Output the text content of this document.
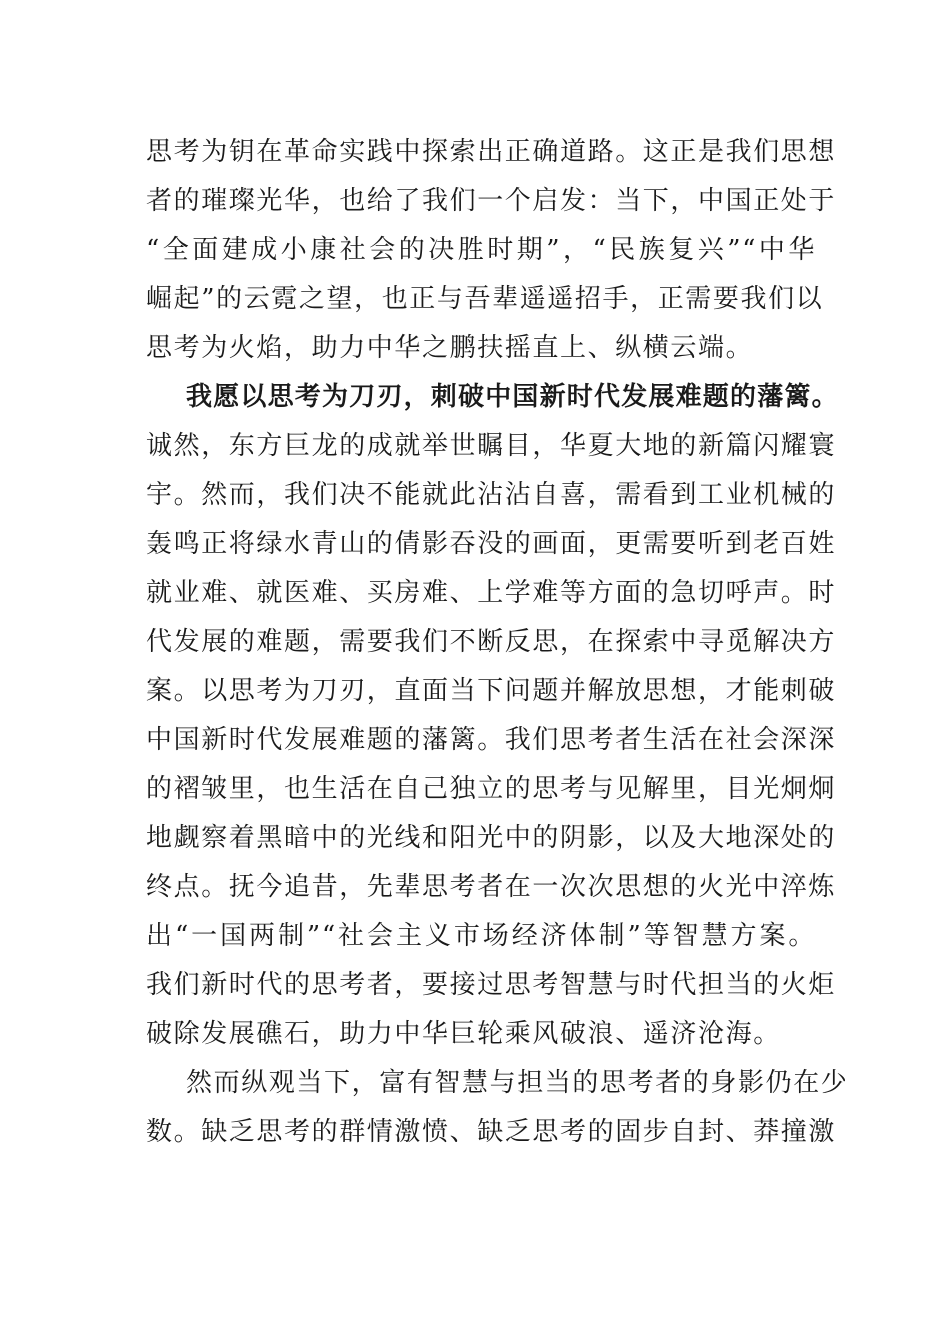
思考为钥在革命实践中探索出正确道路。这正是我们思想
者的璀璨光华，也给了我们一个启发：当下，中国正处于
“全面建成小康社会的决胜时期”，“民族复兴”“中华
崛起”的云霓之望，也正与吾辈遥遥招手，正需要我们以
思考为火焰，助力中华之鹏扶摇直上、纵横云端。
我愿以思考为刀刃，刺破中国新时代发展难题的藩篱。
诚然，东方巨龙的成就举世瞩目，华夏大地的新篇闪耀寰
宇。然而，我们决不能就此沾沾自喜，需看到工业机械的
轰鸣正将绿水青山的倩影吞没的画面，更需要听到老百姓
就业难、就医难、买房难、上学难等方面的急切呼声。时
代发展的难题，需要我们不断反思，在探索中寻觅解决方
案。以思考为刀刃，直面当下问题并解放思想，才能刺破
中国新时代发展难题的藩篱。我们思考者生活在社会深深
的褶皱里，也生活在自己独立的思考与见解里，目光炯炯
地觑察着黑暗中的光线和阳光中的阴影，以及大地深处的
终点。抚今追昔，先辈思考者在一次次思想的火光中淬炼
出“一国两制”“社会主义市场经济体制”等智慧方案。
我们新时代的思考者，要接过思考智慧与时代担当的火炬
破除发展礁石，助力中华巨轮乘风破浪、遥济沧海。
然而纵观当下，富有智慧与担当的思考者的身影仍在少
数。缺乏思考的群情激愤、缺乏思考的固步自封、莽撞激
